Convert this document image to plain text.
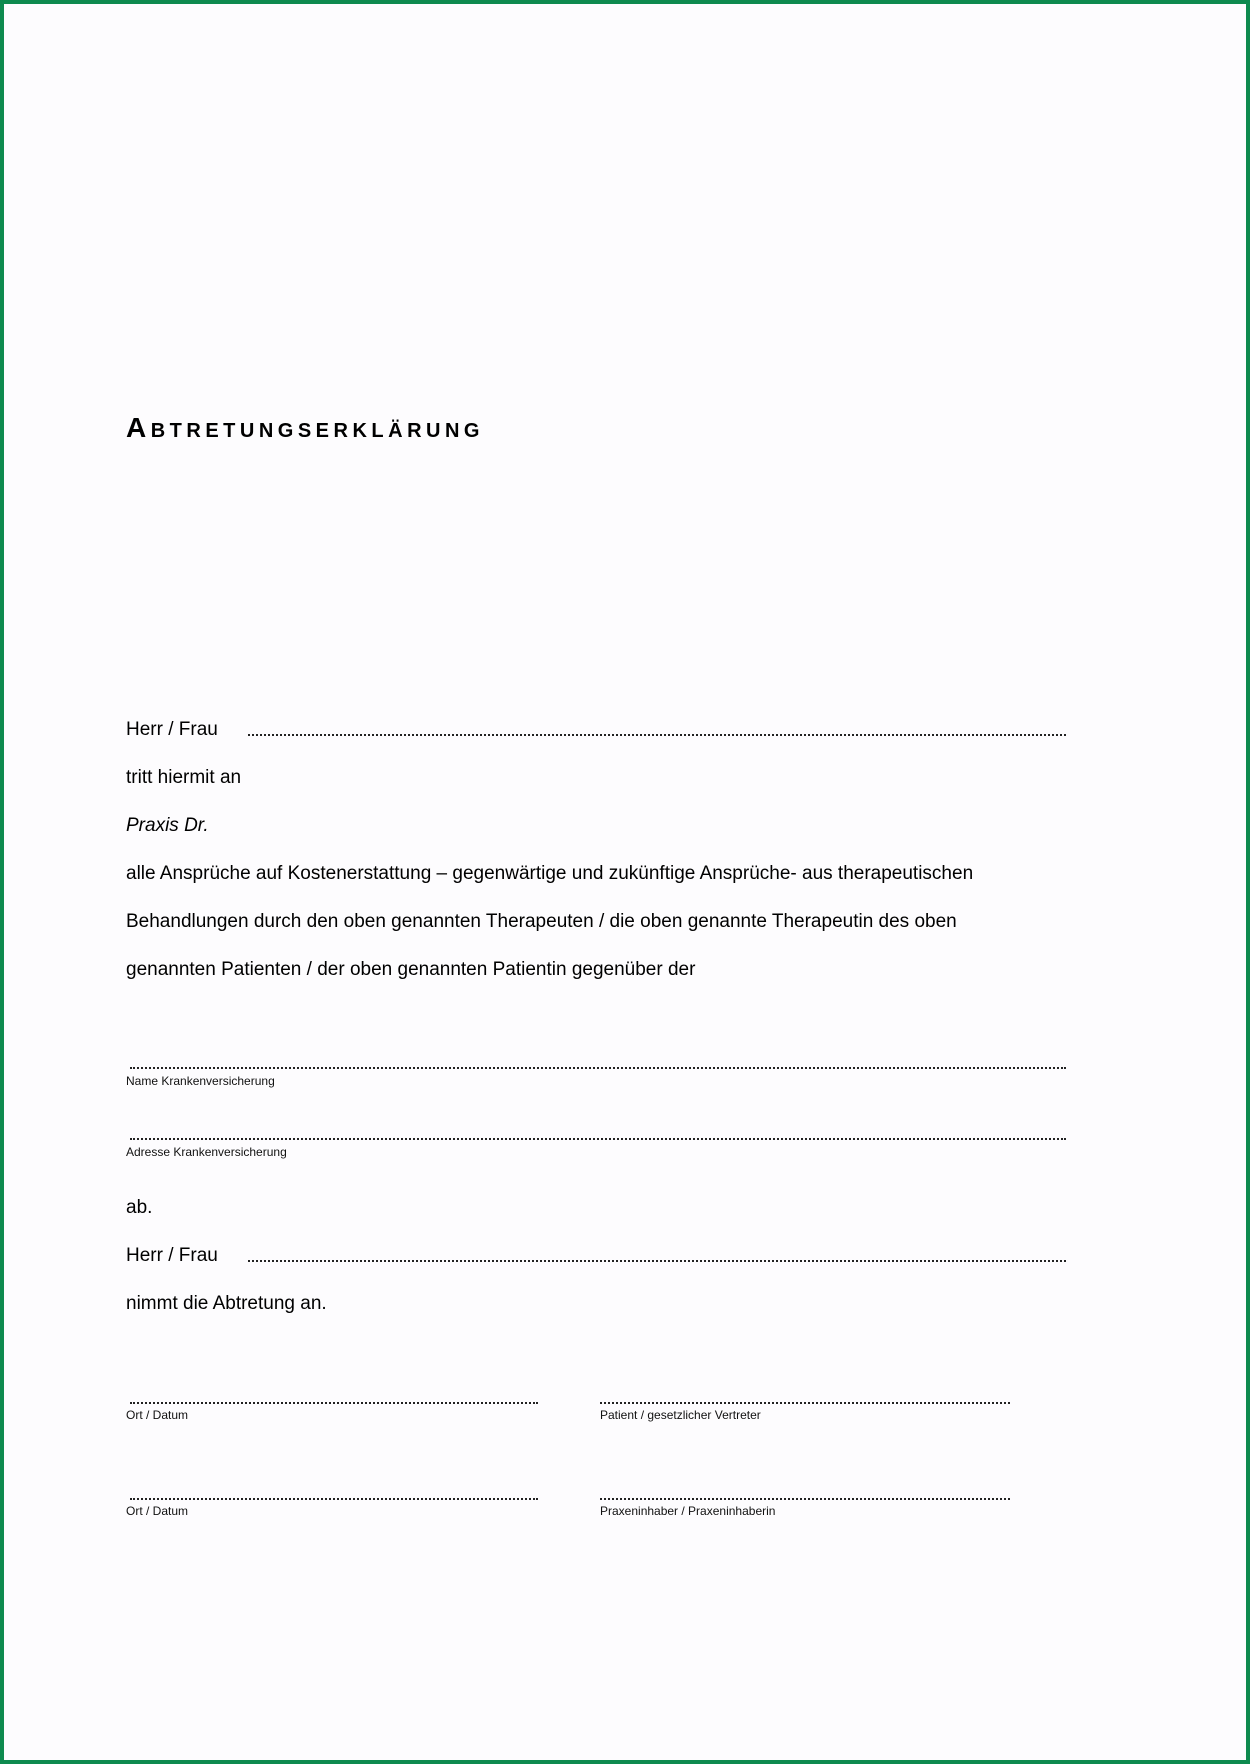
Abtretungserklärung
Herr / Frau
tritt hiermit an
Praxis Dr.
alle Ansprüche auf Kostenerstattung – gegenwärtige und zukünftige Ansprüche- aus therapeutischen
Behandlungen durch den oben genannten Therapeuten / die oben genannte Therapeutin des oben
genannten Patienten / der oben genannten Patientin gegenüber der
Name Krankenversicherung
Adresse Krankenversicherung
ab.
Herr / Frau
nimmt die Abtretung an.
Ort / Datum	Patient / gesetzlicher Vertreter
Ort / Datum	Praxeninhaber / Praxeninhaberin
